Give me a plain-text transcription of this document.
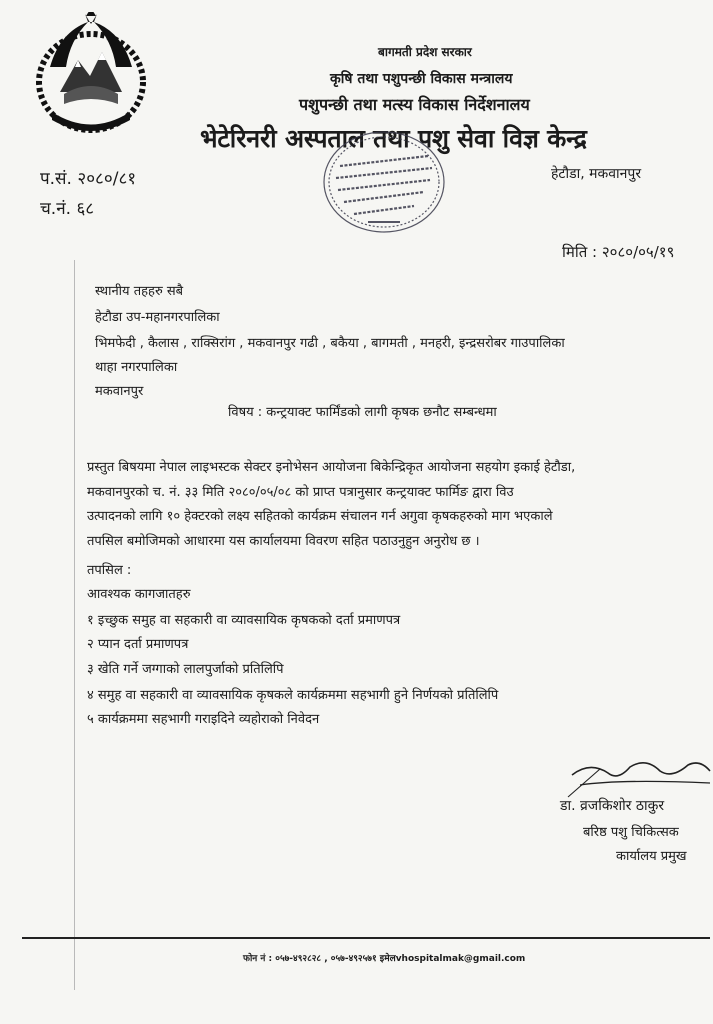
बागमती प्रदेश सरकार
कृषि तथा पशुपन्छी विकास मन्त्रालय
पशुपन्छी तथा मत्स्य विकास निर्देशनालय
भेटेरिनरी अस्पताल तथा पशु सेवा विज्ञ केन्द्र
हेटौडा, मकवानपुर
प.सं. २०८०/८१
च.नं. ६८
मिति : २०८०/०५/१९
स्थानीय तहहरु सबै
हेटौडा उप-महानगरपालिका
भिमफेदी , कैलास , राक्सिरांग , मकवानपुर गढी , बकैया , बागमती , मनहरी, इन्द्रसरोबर गाउपालिका
थाहा नगरपालिका
मकवानपुर
विषय : कन्ट्रयाक्ट फार्मिंडको लागी कृषक छनौट सम्बन्धमा
प्रस्तुत बिषयमा नेपाल लाइभस्टक सेक्टर इनोभेसन आयोजना बिकेन्द्रिकृत आयोजना सहयोग इकाई हेटौडा,
मकवानपुरको च. नं. ३३ मिति २०८०/०५/०८ को प्राप्त पत्रानुसार कन्ट्रयाक्ट फार्मिङ द्वारा विउ
उत्पादनको लागि १० हेक्टरको लक्ष्य सहितको कार्यक्रम संचालन गर्न अगुवा कृषकहरुको माग भएकाले
तपसिल बमोजिमको आधारमा यस कार्यालयमा विवरण सहित पठाउनुहुन अनुरोध छ ।
तपसिल :
आवश्यक कागजातहरु
१ इच्छुक समुह वा सहकारी वा व्यावसायिक कृषकको दर्ता प्रमाणपत्र
२ प्यान दर्ता प्रमाणपत्र
३ खेति गर्ने जग्गाको लालपुर्जाको प्रतिलिपि
४ समुह वा सहकारी वा व्यावसायिक कृषकले कार्यक्रममा सहभागी हुने निर्णयको प्रतिलिपि
५ कार्यक्रममा सहभागी गराइदिने व्यहोराको निवेदन
डा. व्रजकिशोर ठाकुर
बरिष्ठ पशु चिकित्सक
कार्यालय प्रमुख
फोन नं : ०५७-४९२८२८ , ०५७-४९२५७१ इमेलvhospitalmak@gmail.com
